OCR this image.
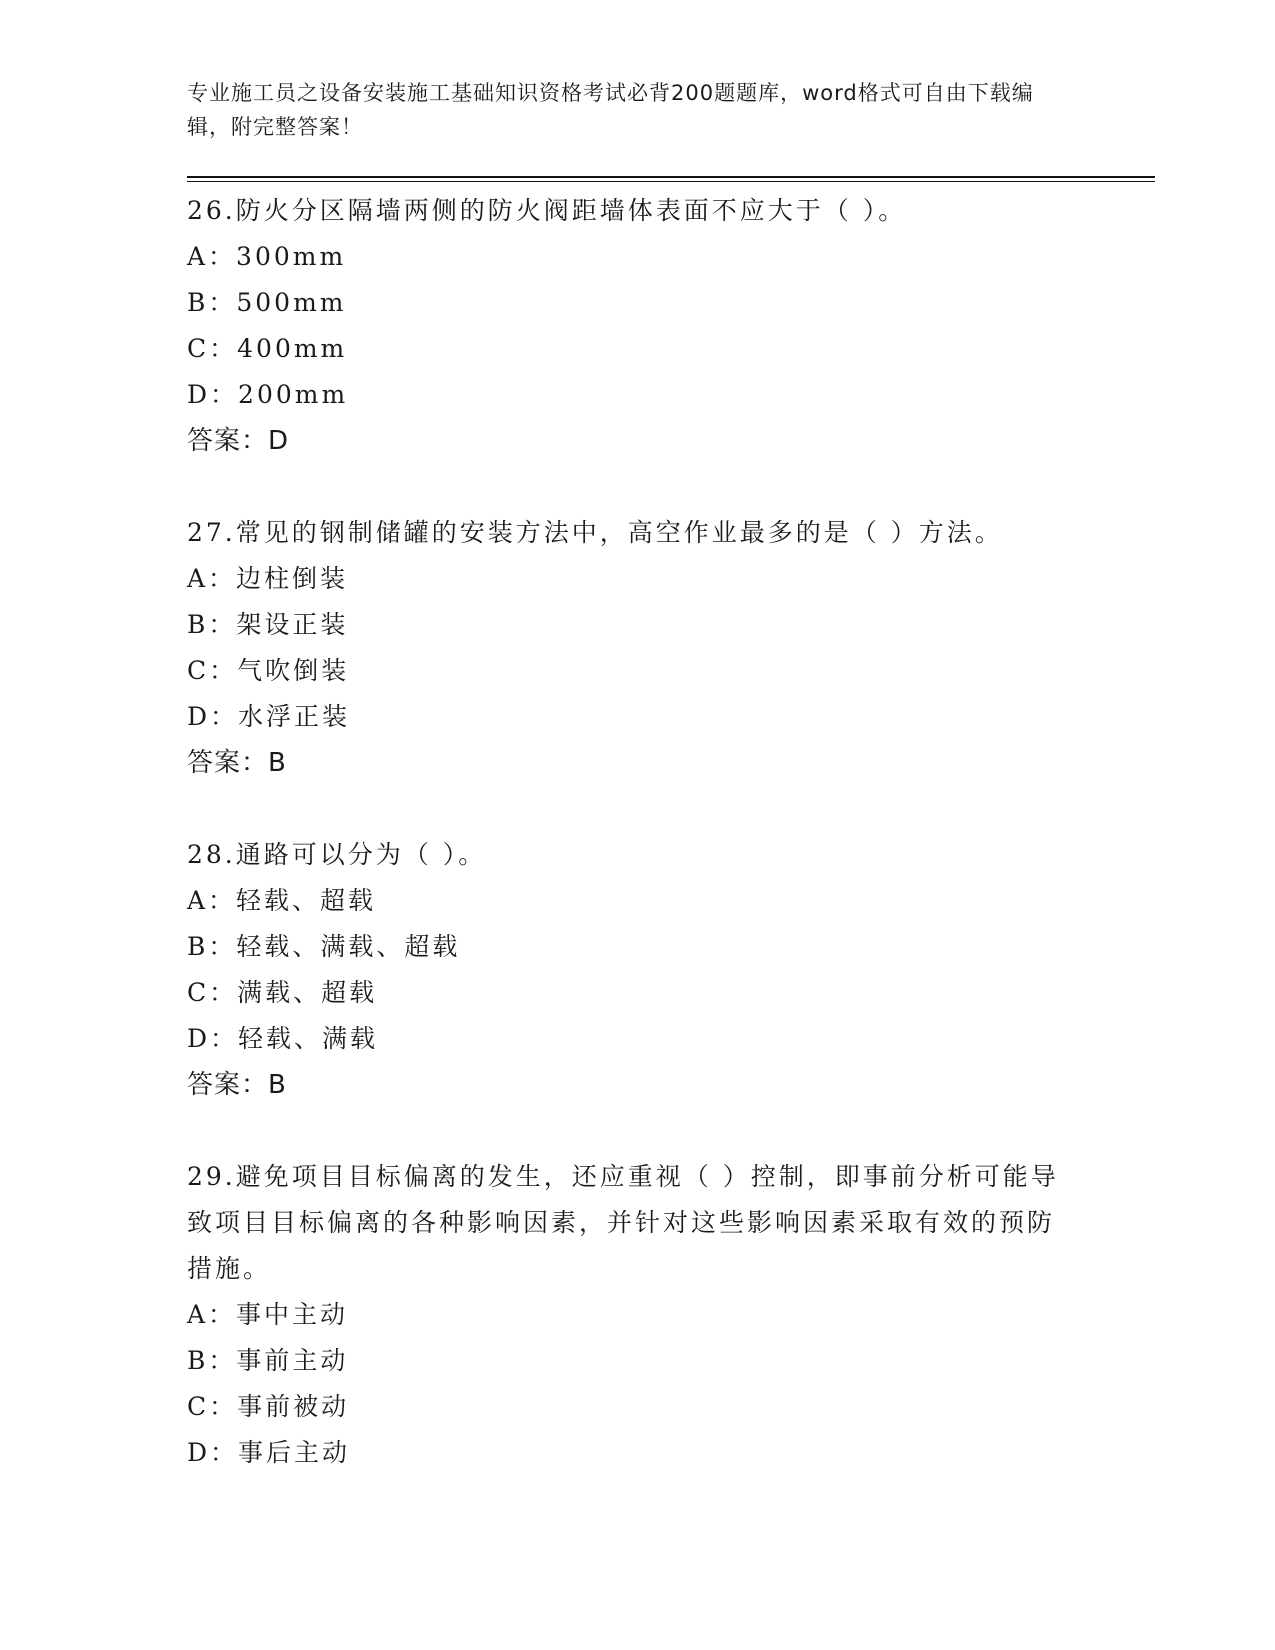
专业施工员之设备安装施工基础知识资格考试必背200题题库，word格式可自由下载编辑，附完整答案！
26.防火分区隔墙两侧的防火阀距墙体表面不应大于（ ）。
A：300mm
B：500mm
C：400mm
D：200mm
答案：D
27.常见的钢制储罐的安装方法中，高空作业最多的是（ ）方法。
A：边柱倒装
B：架设正装
C：气吹倒装
D：水浮正装
答案：B
28.通路可以分为（ ）。
A：轻载、超载
B：轻载、满载、超载
C：满载、超载
D：轻载、满载
答案：B
29.避免项目目标偏离的发生，还应重视（ ）控制，即事前分析可能导致项目目标偏离的各种影响因素，并针对这些影响因素采取有效的预防措施。
A：事中主动
B：事前主动
C：事前被动
D：事后主动
